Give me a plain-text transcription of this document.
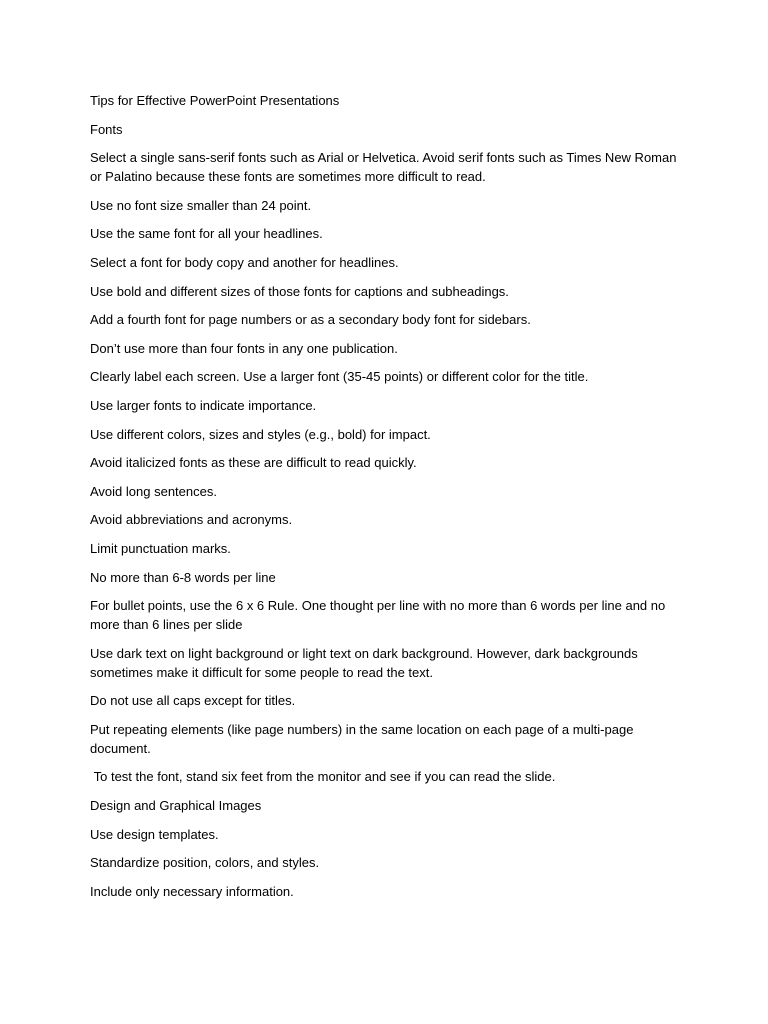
Tips for Effective PowerPoint Presentations

Fonts

Select a single sans-serif fonts such as Arial or Helvetica. Avoid serif fonts such as Times New Roman or Palatino because these fonts are sometimes more difficult to read.

Use no font size smaller than 24 point.

Use the same font for all your headlines.

Select a font for body copy and another for headlines.

Use bold and different sizes of those fonts for captions and subheadings.

Add a fourth font for page numbers or as a secondary body font for sidebars.

Don’t use more than four fonts in any one publication.

Clearly label each screen. Use a larger font (35-45 points) or different color for the title.

Use larger fonts to indicate importance.

Use different colors, sizes and styles (e.g., bold) for impact.

Avoid italicized fonts as these are difficult to read quickly.

Avoid long sentences.

Avoid abbreviations and acronyms.

Limit punctuation marks.

No more than 6-8 words per line

For bullet points, use the 6 x 6 Rule. One thought per line with no more than 6 words per line and no more than 6 lines per slide

Use dark text on light background or light text on dark background. However, dark backgrounds sometimes make it difficult for some people to read the text.

Do not use all caps except for titles.

Put repeating elements (like page numbers) in the same location on each page of a multi-page document.

To test the font, stand six feet from the monitor and see if you can read the slide.

Design and Graphical Images

Use design templates.

Standardize position, colors, and styles.

Include only necessary information.
